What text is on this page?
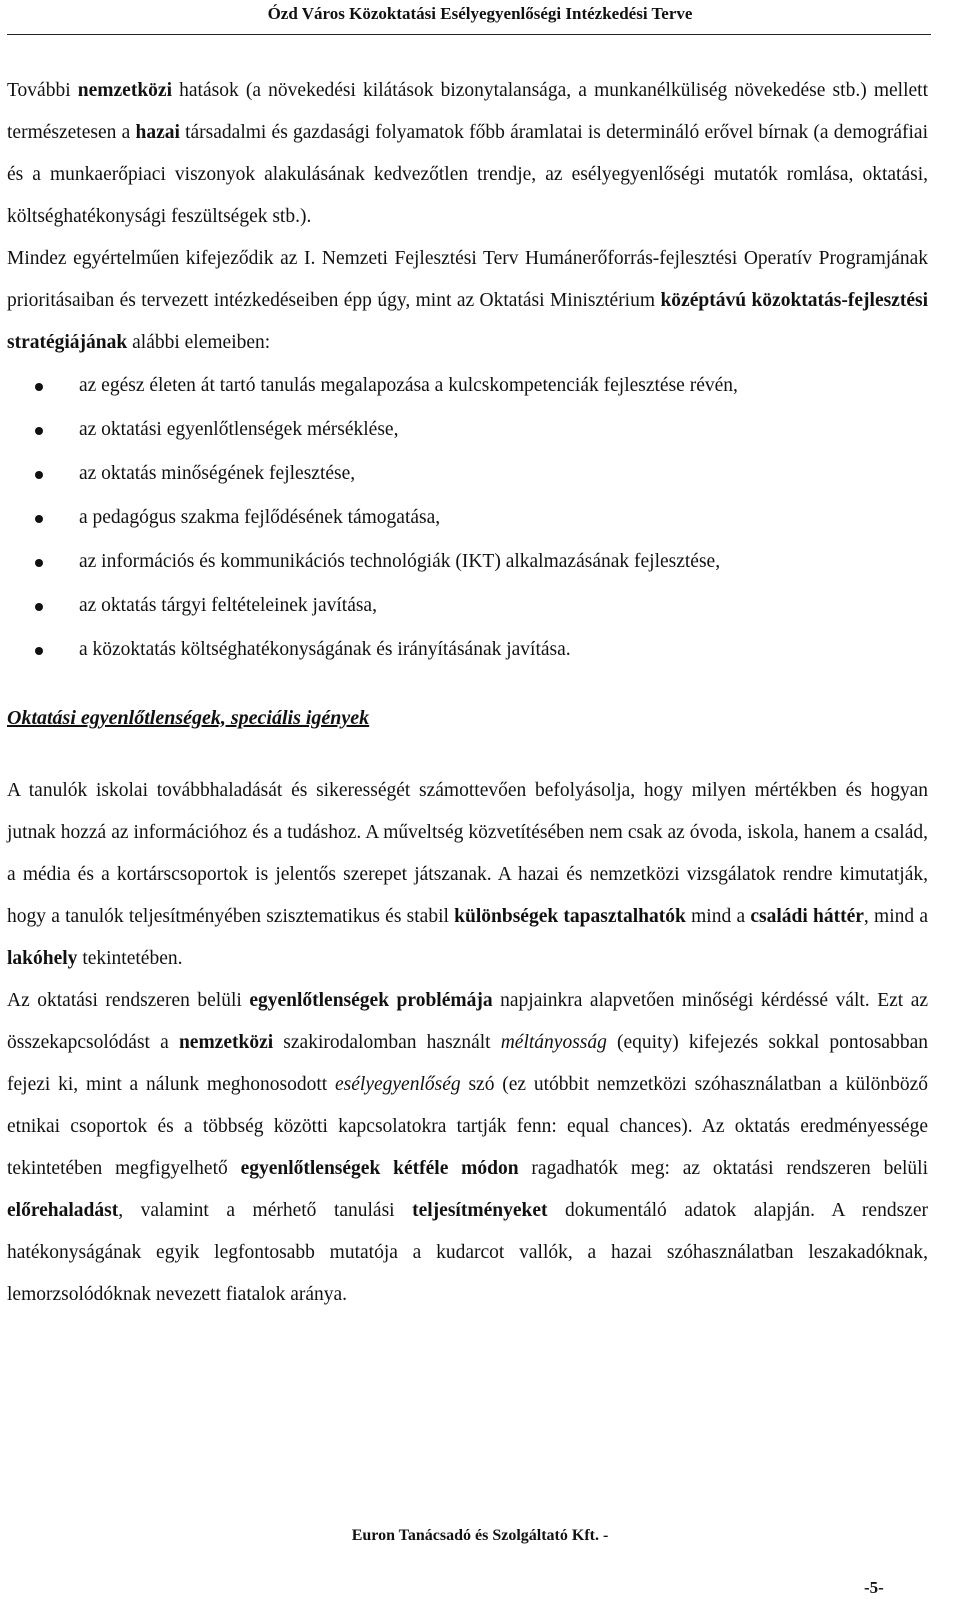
Ózd Város Közoktatási Esélyegyenlőségi Intézkedési Terve

További nemzetközi hatások (a növekedési kilátások bizonytalansága, a munkanélküliség növekedése stb.) mellett természetesen a hazai társadalmi és gazdasági folyamatok főbb áramlatai is determináló erővel bírnak (a demográfiai és a munkaerőpiaci viszonyok alakulásának kedvezőtlen trendje, az esélyegyenlőségi mutatók romlása, oktatási, költséghatékonysági feszültségek stb.).

Mindez egyértelműen kifejeződik az I. Nemzeti Fejlesztési Terv Humánerőforrás-fejlesztési Operatív Programjának prioritásaiban és tervezett intézkedéseiben épp úgy, mint az Oktatási Minisztérium középtávú közoktatás-fejlesztési stratégiájának alábbi elemeiben:

az egész életen át tartó tanulás megalapozása a kulcskompetenciák fejlesztése révén,
az oktatási egyenlőtlenségek mérséklése,
az oktatás minőségének fejlesztése,
a pedagógus szakma fejlődésének támogatása,
az információs és kommunikációs technológiák (IKT) alkalmazásának fejlesztése,
az oktatás tárgyi feltételeinek javítása,
a közoktatás költséghatékonyságának és irányításának javítása.
Oktatási egyenlőtlenségek, speciális igények

A tanulók iskolai továbbhaladását és sikerességét számottevően befolyásolja, hogy milyen mértékben és hogyan jutnak hozzá az információhoz és a tudáshoz. A műveltség közvetítésében nem csak az óvoda, iskola, hanem a család, a média és a kortárscsoportok is jelentős szerepet játszanak. A hazai és nemzetközi vizsgálatok rendre kimutatják, hogy a tanulók teljesítményében szisztematikus és stabil különbségek tapasztalhatók mind a családi háttér, mind a lakóhely tekintetében.

Az oktatási rendszeren belüli egyenlőtlenségek problémája napjainkra alapvetően minőségi kérdéssé vált. Ezt az összekapcsolódást a nemzetközi szakirodalomban használt méltányosság (equity) kifejezés sokkal pontosabban fejezi ki, mint a nálunk meghonosodott esélyegyenlőség szó (ez utóbbit nemzetközi szóhasználatban a különböző etnikai csoportok és a többség közötti kapcsolatokra tartják fenn: equal chances). Az oktatás eredményessége tekintetében megfigyelhető egyenlőtlenségek kétféle módon ragadhatók meg: az oktatási rendszeren belüli előrehaladást, valamint a mérhető tanulási teljesítményeket dokumentáló adatok alapján. A rendszer hatékonyságának egyik legfontosabb mutatója a kudarcot vallók, a hazai szóhasználatban leszakadóknak, lemorzsolódóknak nevezett fiatalok aránya.

Euron Tanácsadó és Szolgáltató Kft. -
-5-
